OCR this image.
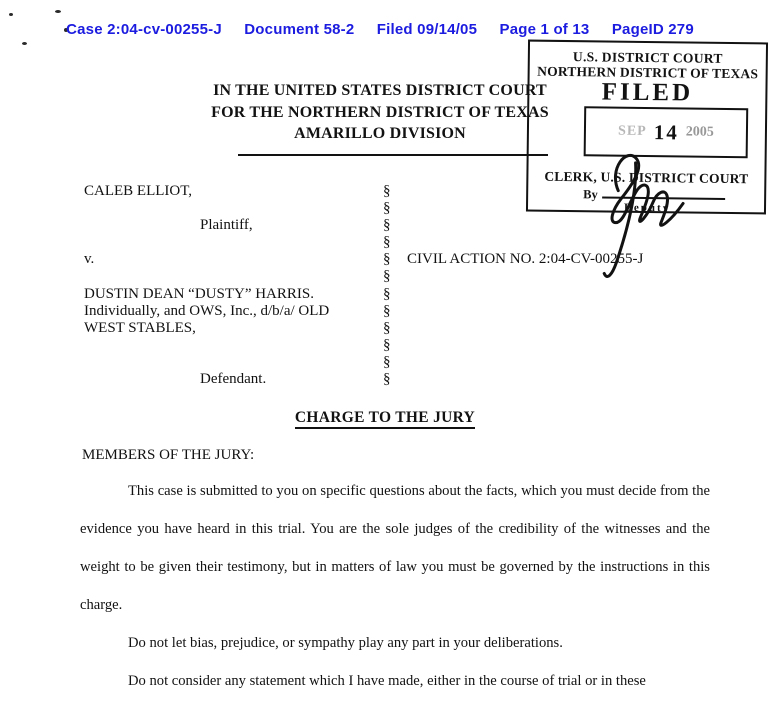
Case 2:04-cv-00255-J Document 58-2 Filed 09/14/05 Page 1 of 13 PageID 279
IN THE UNITED STATES DISTRICT COURT
FOR THE NORTHERN DISTRICT OF TEXAS
AMARILLO DIVISION
U.S. DISTRICT COURT
NORTHERN DISTRICT OF TEXAS
FILED
SEP 14 2005
CLERK, U.S. DISTRICT COURT
By
Deputy
CALEB ELLIOT,	§
§
Plaintiff,	§
§
v.	§	CIVIL ACTION NO. 2:04-CV-00255-J
§
DUSTIN DEAN “DUSTY” HARRIS.	§
Individually, and OWS, Inc., d/b/a/ OLD	§
WEST STABLES,	§
§
§
Defendant.	§
CHARGE TO THE JURY
MEMBERS OF THE JURY:

This case is submitted to you on specific questions about the facts, which you must decide from the evidence you have heard in this trial. You are the sole judges of the credibility of the witnesses and the weight to be given their testimony, but in matters of law you must be governed by the instructions in this charge.

Do not let bias, prejudice, or sympathy play any part in your deliberations.

Do not consider any statement which I have made, either in the course of trial or in these
